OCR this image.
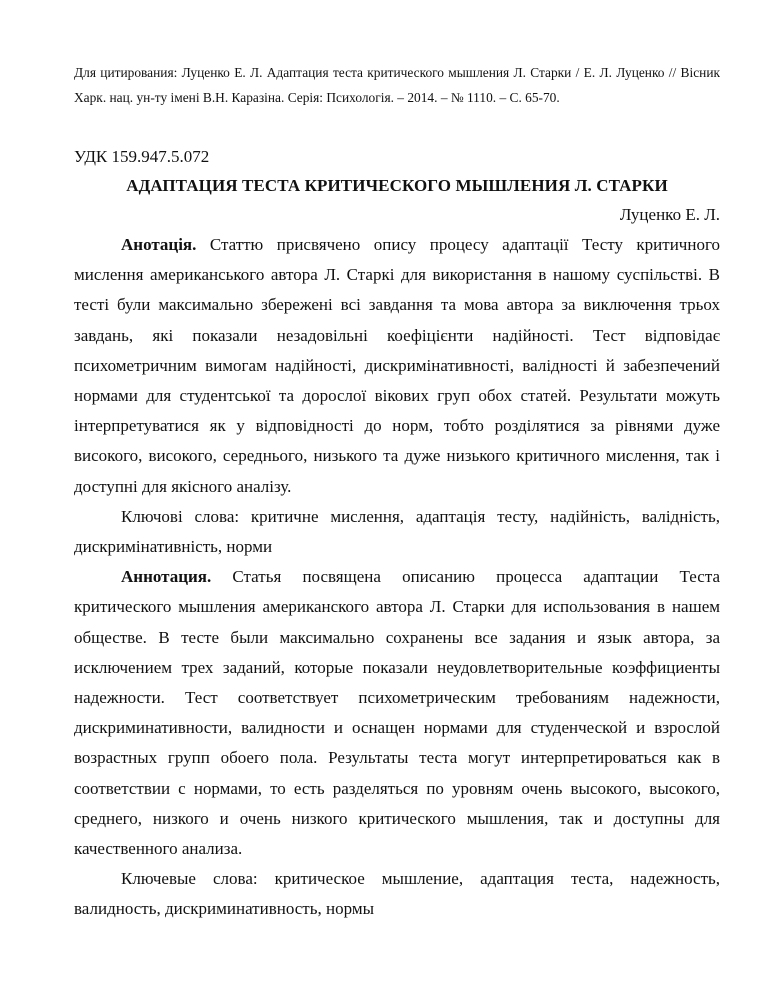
Для цитирования: Луценко Е. Л. Адаптация теста критического мышления Л. Старки / Е. Л. Луценко // Вісник Харк. нац. ун-ту імені В.Н. Каразіна. Серія: Психологія. – 2014. – № 1110. – С. 65-70.

УДК 159.947.5.072

АДАПТАЦИЯ ТЕСТА КРИТИЧЕСКОГО МЫШЛЕНИЯ Л. СТАРКИ

Луценко Е. Л.

Анотація. Статтю присвячено опису процесу адаптації Тесту критичного мислення американського автора Л. Старкі для використання в нашому суспільстві. В тесті були максимально збережені всі завдання та мова автора за виключення трьох завдань, які показали незадовільні коефіцієнти надійності. Тест відповідає психометричним вимогам надійності, дискримінативності, валідності й забезпечений нормами для студентської та дорослої вікових груп обох статей. Результати можуть інтерпретуватися як у відповідності до норм, тобто розділятися за рівнями дуже високого, високого, середнього, низького та дуже низького критичного мислення, так і доступні для якісного аналізу.

Ключові слова: критичне мислення, адаптація тесту, надійність, валідність, дискримінативність, норми

Аннотация. Статья посвящена описанию процесса адаптации Теста критического мышления американского автора Л. Старки для использования в нашем обществе. В тесте были максимально сохранены все задания и язык автора, за исключением трех заданий, которые показали неудовлетворительные коэффициенты надежности. Тест соответствует психометрическим требованиям надежности, дискриминативности, валидности и оснащен нормами для студенческой и взрослой возрастных групп обоего пола. Результаты теста могут интерпретироваться как в соответствии с нормами, то есть разделяться по уровням очень высокого, высокого, среднего, низкого и очень низкого критического мышления, так и доступны для качественного анализа.

Ключевые слова: критическое мышление, адаптация теста, надежность, валидность, дискриминативность, нормы
